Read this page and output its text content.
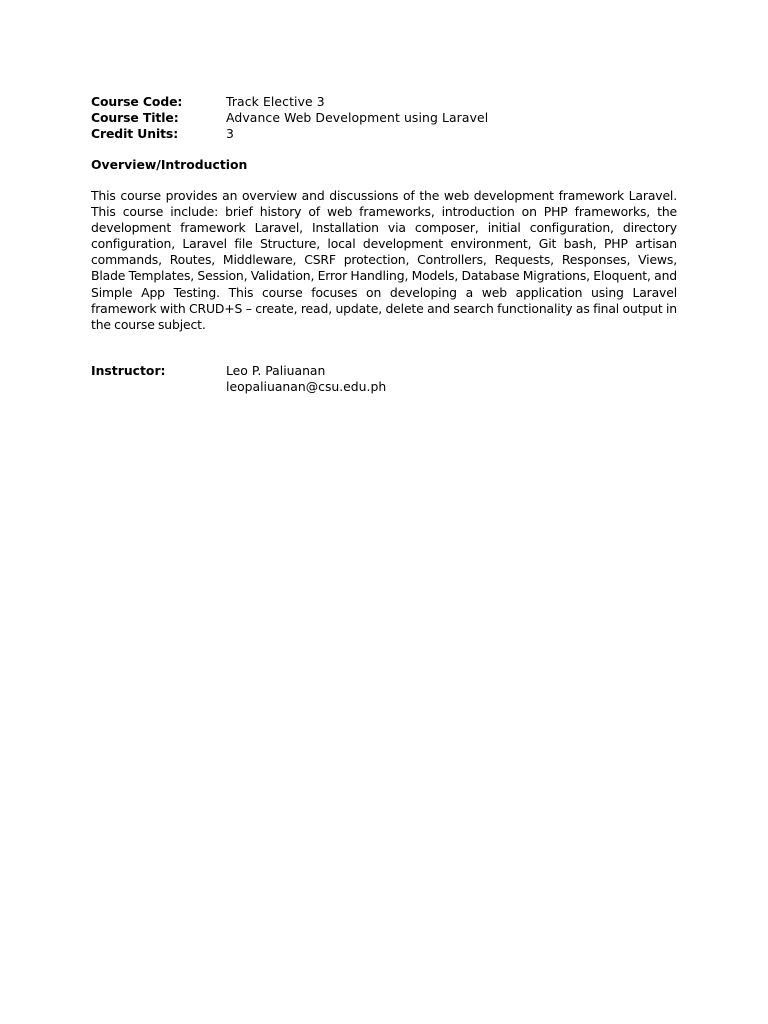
Course Code:	Track Elective 3
Course Title:	Advance Web Development using Laravel
Credit Units:	3
Overview/Introduction

This course provides an overview and discussions of the web development framework Laravel. This course include: brief history of web frameworks, introduction on PHP frameworks, the development framework Laravel, Installation via composer, initial configuration, directory configuration, Laravel file Structure, local development environment, Git bash, PHP artisan commands, Routes, Middleware, CSRF protection, Controllers, Requests, Responses, Views, Blade Templates, Session, Validation, Error Handling, Models, Database Migrations, Eloquent, and Simple App Testing. This course focuses on developing a web application using Laravel framework with CRUD+S – create, read, update, delete and search functionality as final output in the course subject.

Instructor:	Leo P. Paliuanan
leopaliuanan@csu.edu.ph
